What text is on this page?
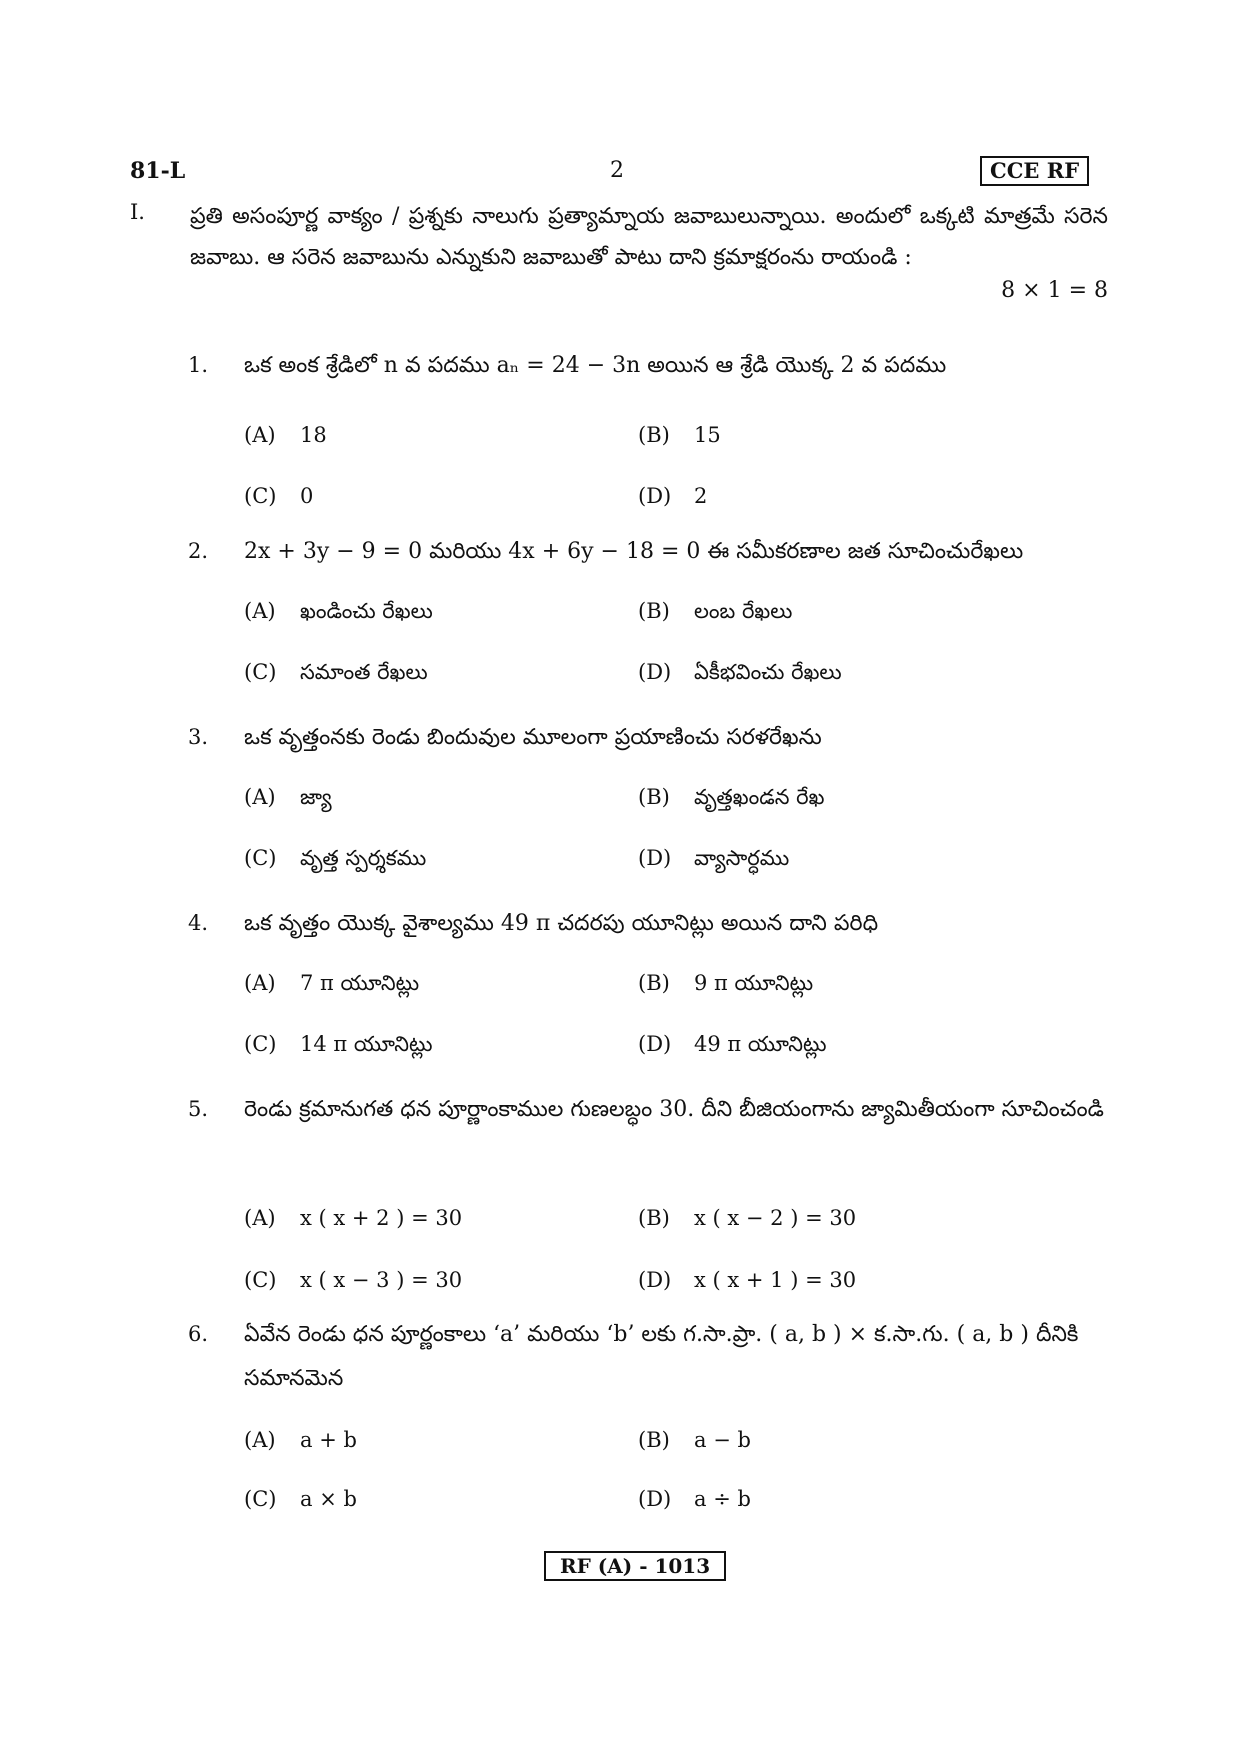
81-L	2	CCE RF
I. ప్రతి అసంపూర్ణ వాక్యం / ప్రశ్నకు నాలుగు ప్రత్యామ్నాయ జవాబులున్నాయి. అందులో ఒక్కటి మాత్రమే సరెన జవాబు. ఆ సరెన జవాబును ఎన్నుకుని జవాబుతో పాటు దాని క్రమాక్షరంను రాయండి :
8 × 1 = 8
1. ఒక అంక శ్రేడిలో n వ పదము aₙ = 24 − 3n అయిన ఆ శ్రేడి యొక్క 2 వ పదము
(A) 18	(B) 15
(C) 0	(D) 2
2. 2x + 3y − 9 = 0 మరియు 4x + 6y − 18 = 0 ఈ సమీకరణాల జత సూచించురేఖలు
(A) ఖండించు రేఖలు	(B) లంబ రేఖలు
(C) సమాంత రేఖలు	(D) ఏకీభవించు రేఖలు
3. ఒక వృత్తంనకు రెండు బిందువుల మూలంగా ప్రయాణించు సరళరేఖను
(A) జ్యా	(B) వృత్తఖండన రేఖ
(C) వృత్త స్పర్శకము	(D) వ్యాసార్ధము
4. ఒక వృత్తం యొక్క వైశాల్యము 49 π చదరపు యూనిట్లు అయిన దాని పరిధి
(A) 7 π యూనిట్లు	(B) 9 π యూనిట్లు
(C) 14 π యూనిట్లు	(D) 49 π యూనిట్లు
5. రెండు క్రమానుగత ధన పూర్ణాంకాముల గుణలబ్ధం 30. దీని బీజియంగాను జ్యామితీయంగా సూచించండి
(A) x ( x + 2 ) = 30	(B) x ( x − 2 ) = 30
(C) x ( x − 3 ) = 30	(D) x ( x + 1 ) = 30
6. ఏవేన రెండు ధన పూర్ణంకాలు ‘a’ మరియు ‘b’ లకు గ.సా.ప్రా. ( a, b ) × క.సా.గు. ( a, b ) దీనికి సమానమెన
(A) a + b	(B) a − b
(C) a × b	(D) a ÷ b
RF (A) - 1013
